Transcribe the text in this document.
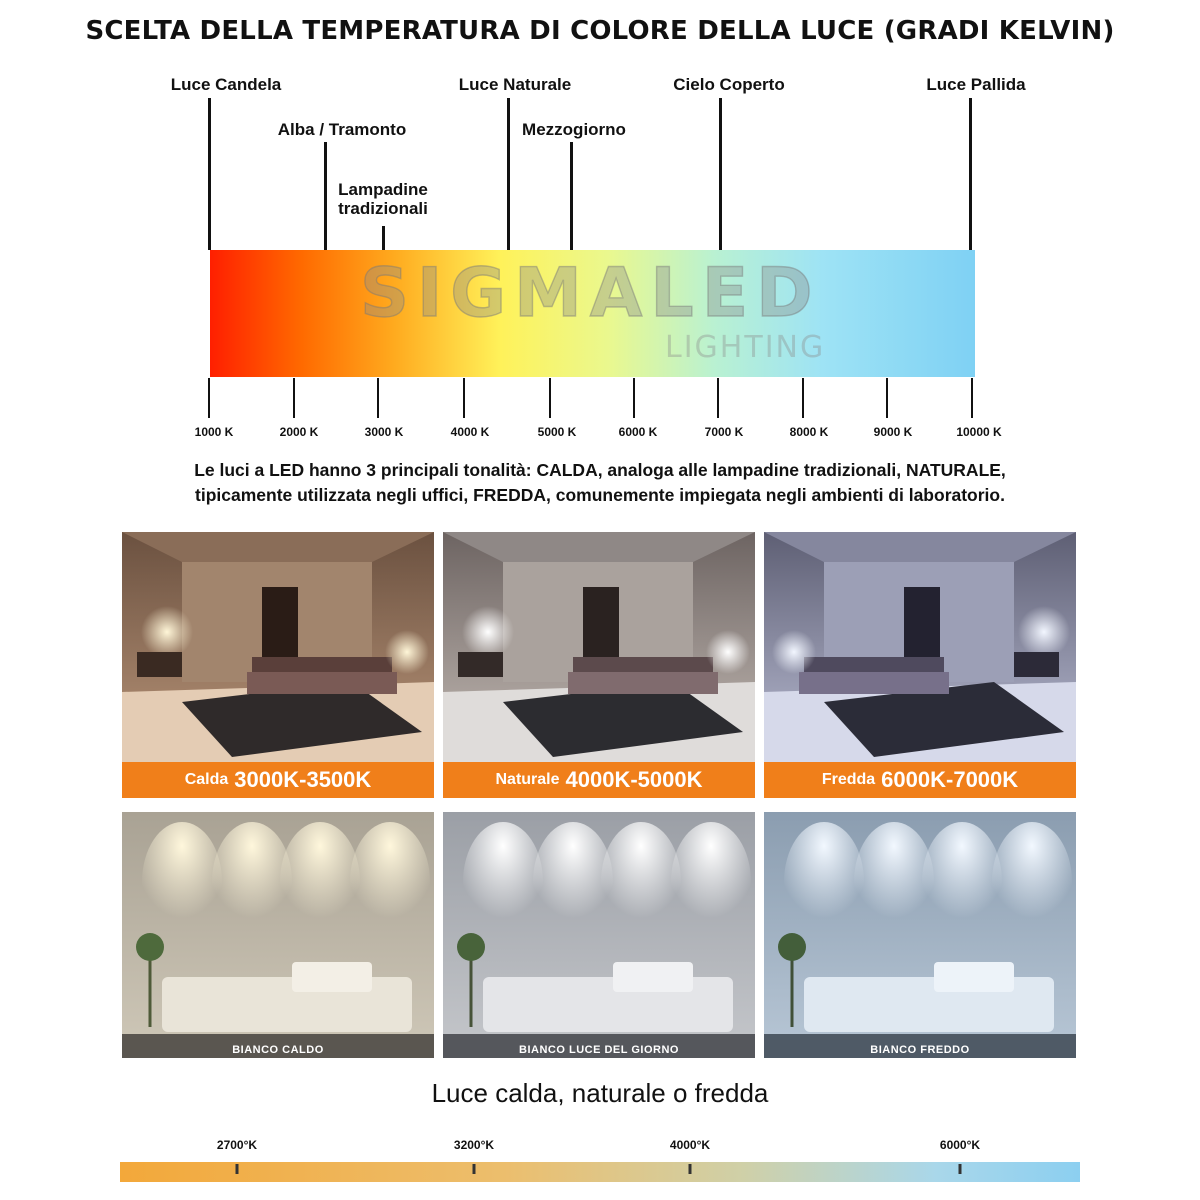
SCELTA DELLA TEMPERATURA DI COLORE DELLA LUCE (GRADI KELVIN)
Luce Candela
Alba / Tramonto
Lampadine tradizionali
Luce Naturale
Mezzogiorno
Cielo Coperto	Luce Pallida
SIGMALED
LIGHTING
1000 K	2000 K	3000 K	4000 K	5000 K	6000 K	7000 K	8000 K	9000 K	10000 K
Le luci a LED hanno 3 principali tonalità: CALDA, analoga alle lampadine tradizionali, NATURALE,
tipicamente utilizzata negli uffici, FREDDA, comunemente impiegata negli ambienti di laboratorio.
Calda 3000K-3500K	Naturale 4000K-5000K	Fredda 6000K-7000K
BIANCO CALDO	BIANCO LUCE DEL GIORNO	BIANCO FREDDO
Luce calda, naturale o fredda
2700°K	3200°K	4000°K	6000°K
